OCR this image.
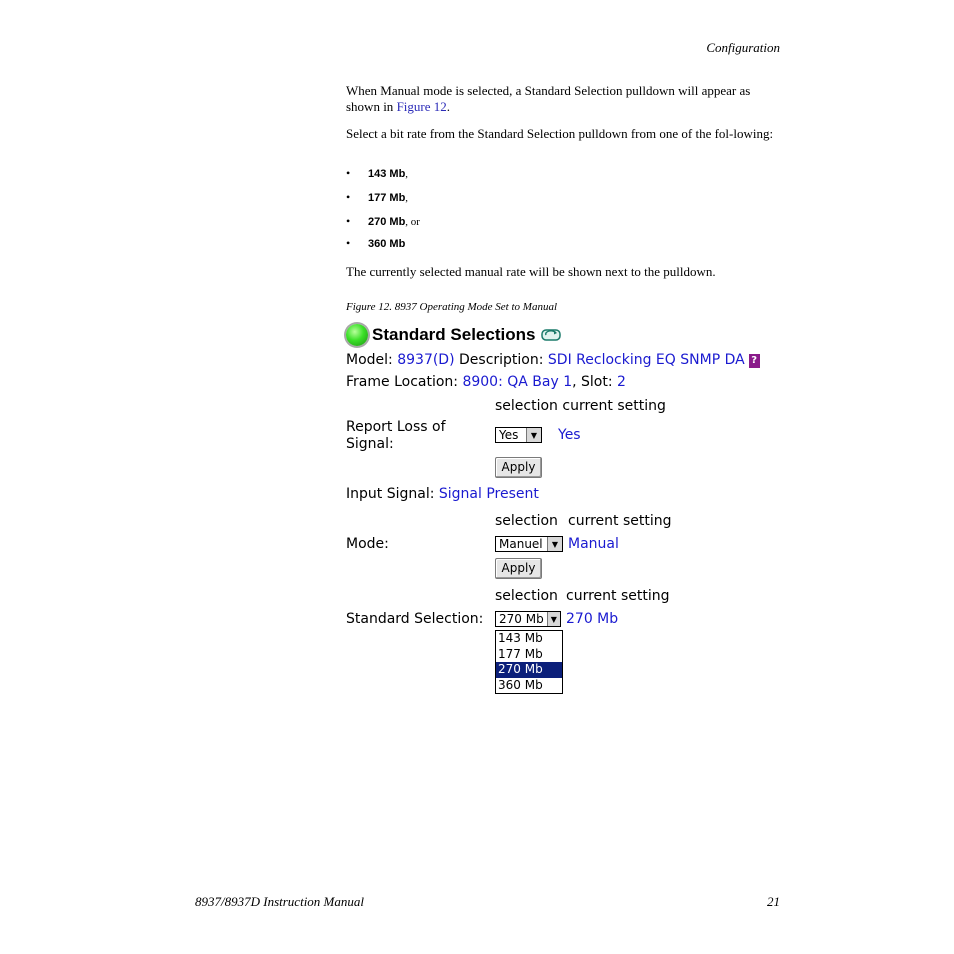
Configuration
When Manual mode is selected, a Standard Selection pulldown will appear as shown in Figure 12.
Select a bit rate from the Standard Selection pulldown from one of the fol-lowing:
• 143 Mb,
• 177 Mb,
• 270 Mb, or
• 360 Mb
The currently selected manual rate will be shown next to the pulldown.
Figure 12. 8937 Operating Mode Set to Manual
Standard Selections
Model: 8937(D) Description: SDI Reclocking EQ SNMP DA ?
Frame Location: 8900: QA Bay 1, Slot: 2
selection current setting
Report Loss of Signal:
Yes	▼ Yes
Apply
Input Signal: Signal Present
selection current setting
Mode:	Manuel	▼ Manual
Apply
selection current setting
Standard Selection: 270 Mb ▼ 270 Mb
143 Mb
177 Mb
270 Mb
360 Mb
8937/8937D Instruction Manual	21
